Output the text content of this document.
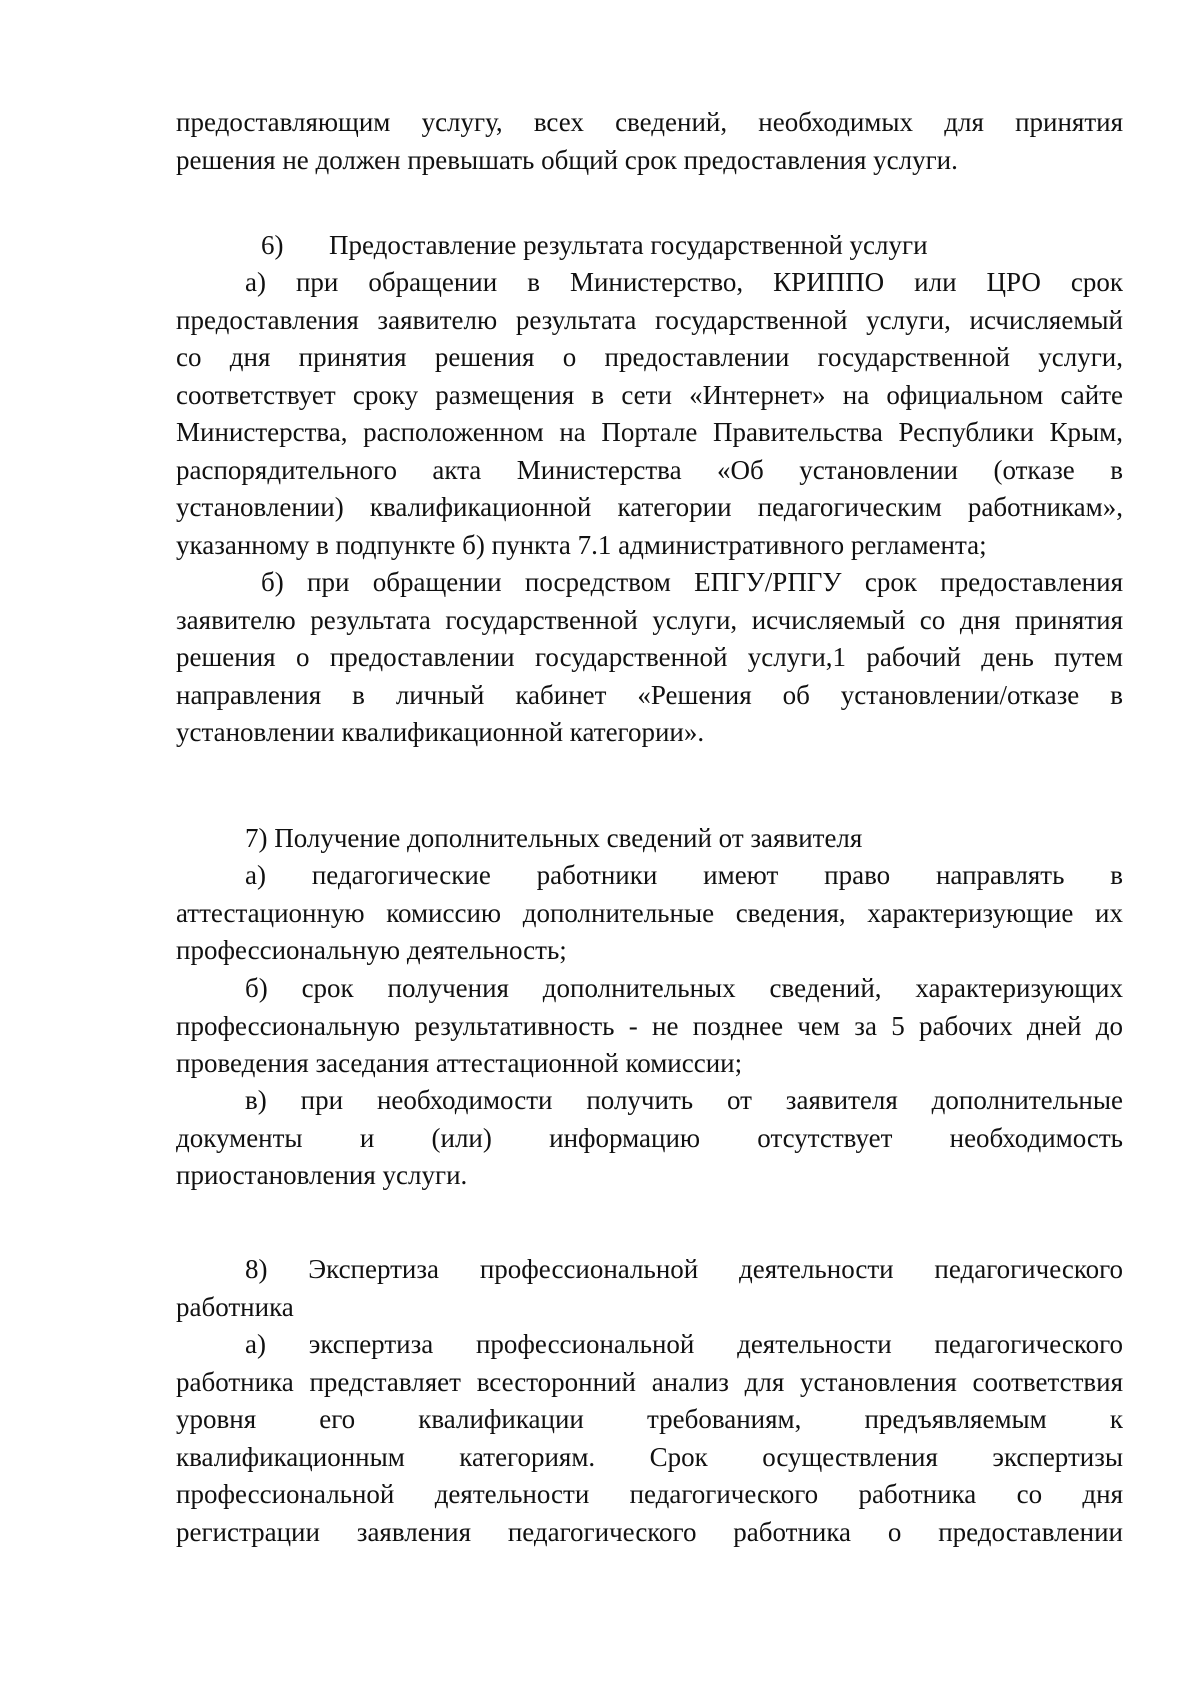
предоставляющим услугу, всех сведений, необходимых для принятия
решения не должен превышать общий срок предоставления услуги.
6) Предоставление результата государственной услуги
а) при обращении в Министерство, КРИППО или ЦРО срок
предоставления заявителю результата государственной услуги, исчисляемый
со дня принятия решения о предоставлении государственной услуги,
соответствует сроку размещения в сети «Интернет» на официальном сайте
Министерства, расположенном на Портале Правительства Республики Крым,
распорядительного акта Министерства «Об установлении (отказе в
установлении) квалификационной категории педагогическим работникам»,
указанному в подпункте б) пункта 7.1 административного регламента;
б) при обращении посредством ЕПГУ/РПГУ срок предоставления
заявителю результата государственной услуги, исчисляемый со дня принятия
решения о предоставлении государственной услуги,1 рабочий день путем
направления в личный кабинет «Решения об установлении/отказе в
установлении квалификационной категории».
7) Получение дополнительных сведений от заявителя
а) педагогические работники имеют право направлять в
аттестационную комиссию дополнительные сведения, характеризующие их
профессиональную деятельность;
б) срок получения дополнительных сведений, характеризующих
профессиональную результативность - не позднее чем за 5 рабочих дней до
проведения заседания аттестационной комиссии;
в) при необходимости получить от заявителя дополнительные
документы и (или) информацию отсутствует необходимость
приостановления услуги.
8) Экспертиза профессиональной деятельности педагогического
работника
а) экспертиза профессиональной деятельности педагогического
работника представляет всесторонний анализ для установления соответствия
уровня его квалификации требованиям, предъявляемым к
квалификационным категориям. Срок осуществления экспертизы
профессиональной деятельности педагогического работника со дня
регистрации заявления педагогического работника о предоставлении
